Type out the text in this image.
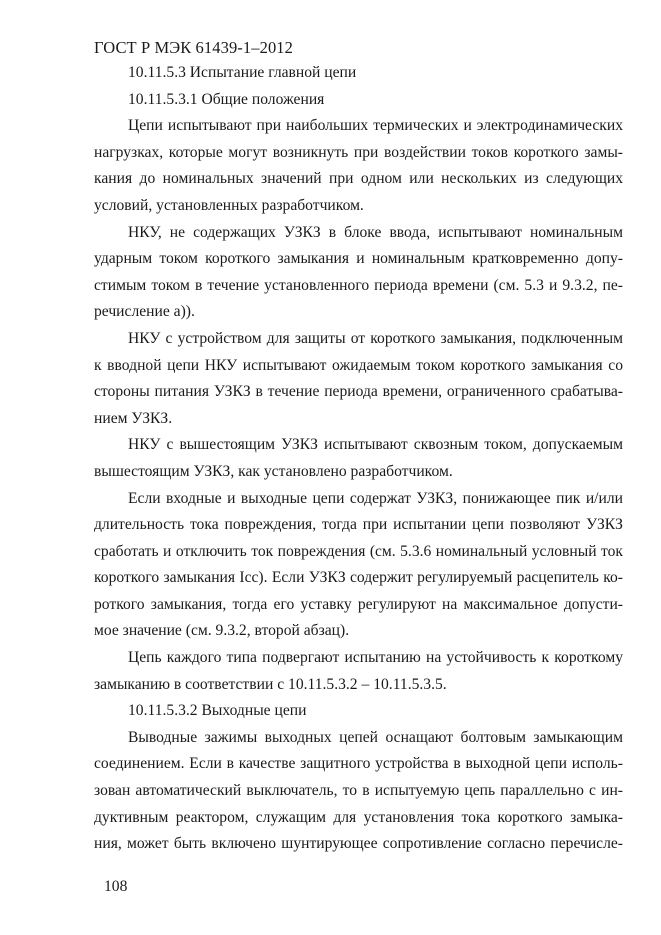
ГОСТ Р МЭК 61439-1–2012
10.11.5.3 Испытание главной цепи
10.11.5.3.1 Общие положения
Цепи испытывают при наибольших термических и электродинамических
нагрузках, которые могут возникнуть при воздействии токов короткого замы-
кания до номинальных значений при одном или нескольких из следующих
условий, установленных разработчиком.
НКУ, не содержащих УЗКЗ в блоке ввода, испытывают номинальным
ударным током короткого замыкания и номинальным кратковременно допу-
стимым током в течение установленного периода времени (см. 5.3 и 9.3.2, пе-
речисление a)).
НКУ с устройством для защиты от короткого замыкания, подключенным
к вводной цепи НКУ испытывают ожидаемым током короткого замыкания со
стороны питания УЗКЗ в течение периода времени, ограниченного срабатыва-
нием УЗКЗ.
НКУ с вышестоящим УЗКЗ испытывают сквозным током, допускаемым
вышестоящим УЗКЗ, как установлено разработчиком.
Если входные и выходные цепи содержат УЗКЗ, понижающее пик и/или
длительность тока повреждения, тогда при испытании цепи позволяют УЗКЗ
сработать и отключить ток повреждения (см. 5.3.6 номинальный условный ток
короткого замыкания Icc). Если УЗКЗ содержит регулируемый расцепитель ко-
роткого замыкания, тогда его уставку регулируют на максимальное допусти-
мое значение (см. 9.3.2, второй абзац).
Цепь каждого типа подвергают испытанию на устойчивость к короткому
замыканию в соответствии с 10.11.5.3.2 – 10.11.5.3.5.
10.11.5.3.2 Выходные цепи
Выводные зажимы выходных цепей оснащают болтовым замыкающим
соединением. Если в качестве защитного устройства в выходной цепи исполь-
зован автоматический выключатель, то в испытуемую цепь параллельно с ин-
дуктивным реактором, служащим для установления тока короткого замыка-
ния, может быть включено шунтирующее сопротивление согласно перечисле-
108
